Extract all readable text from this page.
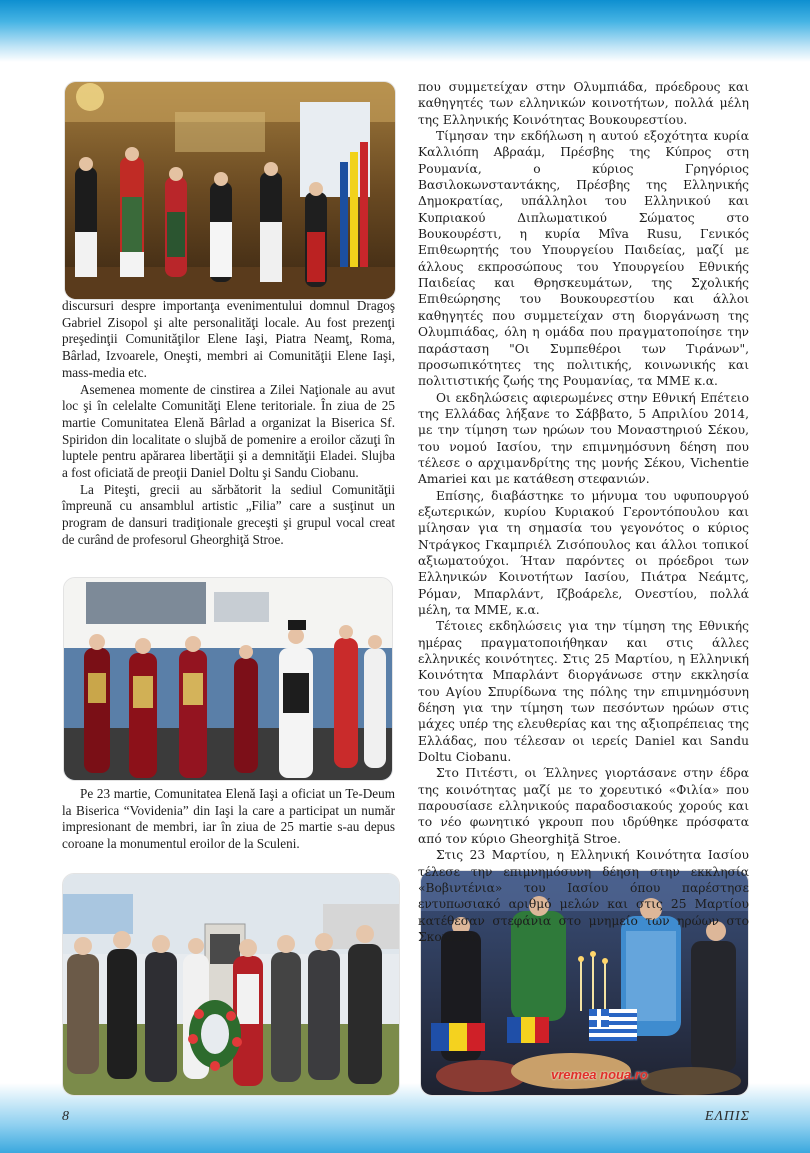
vremea noua.ro

discursuri despre importanţa evenimentului domnul Dragoş Gabriel Zisopol şi alte personalităţi locale. Au fost prezenţi preşedinţii Comunităţilor Elene Iaşi, Piatra Neamţ, Roma, Bârlad, Izvoarele, Oneşti, membri ai Comunităţii Elene Iaşi, mass-media etc.

Asemenea momente de cinstirea a Zilei Naţionale au avut loc şi în celelalte Comunităţi Elene teritoriale. În ziua de 25 martie Comunitatea Elenă Bârlad a organizat la Biserica Sf. Spiridon din localitate o slujbă de pomenire a eroilor căzuţi în luptele pentru apărarea libertăţii şi a demnităţii Eladei. Slujba a fost oficiată de preoţii Daniel Doltu şi Sandu Ciobanu.

La Piteşti, grecii au sărbătorit la sediul Comunităţii împreună cu ansamblul artistic „Filia” care a susţinut un program de dansuri tradiţionale greceşti şi grupul vocal creat de curând de profesorul Gheorghiţă Stroe.

Pe 23 martie, Comunitatea Elenă Iaşi a oficiat un Te-Deum la Biserica “Vovidenia” din Iaşi la care a participat un număr impresionant de membri, iar în ziua de 25 martie s-au depus coroane la monumentul eroilor de la Sculeni.

που συμμετείχαν στην Ολυμπιάδα, πρόεδρους και καθηγητές των ελληνικών κοινοτήτων, πολλά μέλη της Ελληνικής Κοινότητας Βουκουρεστίου.

Τίμησαν την εκδήλωση η αυτού εξοχότητα κυρία Καλλιόπη Αβραάμ, Πρέσβης της Κύπρος στη Ρουμανία, ο κύριος Γρηγόριος Βασιλοκωνσταντάκης, Πρέσβης της Ελληνικής Δημοκρατίας, υπάλληλοι του Ελληνικού και Κυπριακού Διπλωματικού Σώματος στο Βουκουρέστι, η κυρία Mîva Rusu, Γενικός Επιθεωρητής του Υπουργείου Παιδείας, μαζί με άλλους εκπροσώπους του Υπουργείου Εθνικής Παιδείας και Θρησκευμάτων, της Σχολικής Επιθεώρησης του Βουκουρεστίου και άλλοι καθηγητές που συμμετείχαν στη διοργάνωση της Ολυμπιάδας, όλη η ομάδα που πραγματοποίησε την παράσταση "Οι Συμπεθέροι των Τιράνων", προσωπικότητες της πολιτικής, κοινωνικής και πολιτιστικής ζωής της Ρουμανίας, τα ΜΜΕ κ.α.

Οι εκδηλώσεις αφιερωμένες στην Εθνική Επέτειο της Ελλάδας λήξανε το Σάββατο, 5 Απριλίου 2014, με την τίμηση των ηρώων του Μοναστηριού Σέκου, του νομού Ιασίου, την επιμνημόσυνη δέηση που τέλεσε ο αρχιμανδρίτης της μονής Σέκου, Vichentie Amariei και με κατάθεση στεφανιών.

Επίσης, διαβάστηκε το μήνυμα του υφυπουργού εξωτερικών, κυρίου Κυριακού Γεροντόπουλου και μίλησαν για τη σημασία του γεγονότος ο κύριος Ντράγκος Γκαμπριέλ Ζισόπουλος και άλλοι τοπικοί αξιωματούχοι. Ήταν παρόντες οι πρόεδροι των Ελληνικών Κοινοτήτων Ιασίου, Πιάτρα Νεάμτς, Ρόμαν, Μπαρλάντ, Ιζβοάρελε, Ονεστίου, πολλά μέλη, τα ΜΜΕ, κ.α.

Τέτοιες εκδηλώσεις για την τίμηση της Εθνικής ημέρας πραγματοποιήθηκαν και στις άλλες ελληνικές κοινότητες. Στις 25 Μαρτίου, η Ελληνική Κοινότητα Μπαρλάντ διοργάνωσε στην εκκλησία του Αγίου Σπυρίδωνα της πόλης την επιμνημόσυνη δέηση για την τίμηση των πεσόντων ηρώων στις μάχες υπέρ της ελευθερίας και της αξιοπρέπειας της Ελλάδας, που τέλεσαν οι ιερείς Daniel και Sandu Doltu Ciobanu.

Στο Πιτέστι, οι Έλληνες γιορτάσανε στην έδρα της κοινότητας μαζί με το χορευτικό «Φιλία» που παρουσίασε ελληνικούς παραδοσιακούς χορούς και το νέο φωνητικό γκρουπ που ιδρύθηκε πρόσφατα από τον κύριο Gheorghiţă Stroe.

Στις 23 Μαρτίου, η Ελληνική Κοινότητα Ιασίου τέλεσε την επιμνημόσυνη δέηση στην εκκλησία «Βοβιντένια» του Ιασίου όπου παρέστησε εντυπωσιακό αριθμό μελών και στις 25 Μαρτίου κατέθεσαν στεφάνια στο μνημείο των ηρώων στο Σκουλένι.

8	ΕΛΠΙΣ
